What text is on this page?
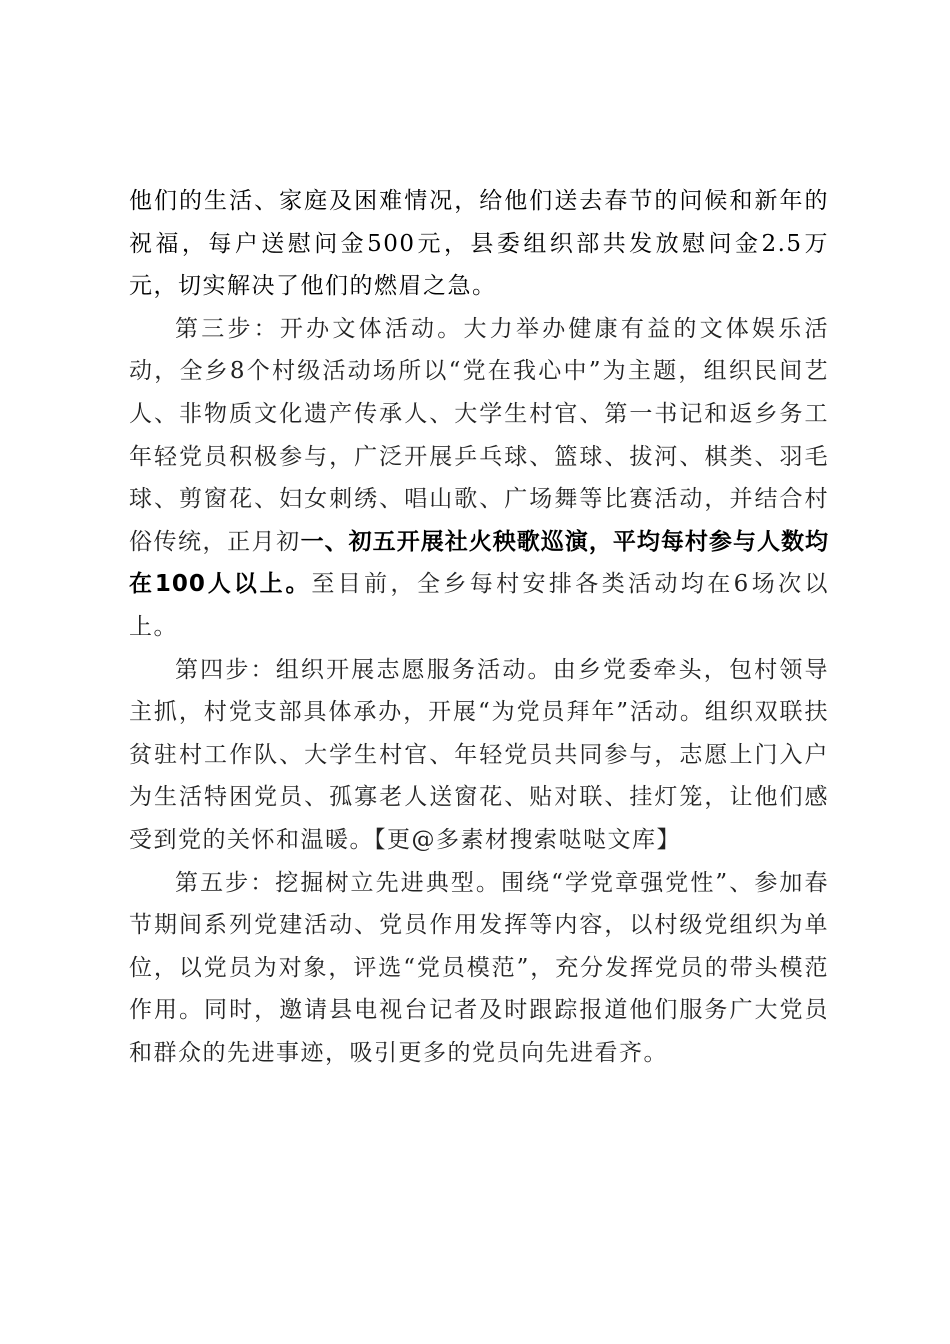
他们的生活、家庭及困难情况，给他们送去春节的问候和新年的祝福，每户送慰问金500元，县委组织部共发放慰问金2.5万元，切实解决了他们的燃眉之急。

第三步：开办文体活动。大力举办健康有益的文体娱乐活动，全乡8个村级活动场所以“党在我心中”为主题，组织民间艺人、非物质文化遗产传承人、大学生村官、第一书记和返乡务工年轻党员积极参与，广泛开展乒乓球、篮球、拔河、棋类、羽毛球、剪窗花、妇女刺绣、唱山歌、广场舞等比赛活动，并结合村俗传统，正月初一、初五开展社火秧歌巡演，平均每村参与人数均在100人以上。至目前，全乡每村安排各类活动均在6场次以上。

第四步：组织开展志愿服务活动。由乡党委牵头，包村领导主抓，村党支部具体承办，开展“为党员拜年”活动。组织双联扶贫驻村工作队、大学生村官、年轻党员共同参与，志愿上门入户为生活特困党员、孤寡老人送窗花、贴对联、挂灯笼，让他们感受到党的关怀和温暖。【更@多素材搜索哒哒文库】

第五步：挖掘树立先进典型。围绕“学党章强党性”、参加春节期间系列党建活动、党员作用发挥等内容，以村级党组织为单位，以党员为对象，评选“党员模范”，充分发挥党员的带头模范作用。同时，邀请县电视台记者及时跟踪报道他们服务广大党员和群众的先进事迹，吸引更多的党员向先进看齐。
